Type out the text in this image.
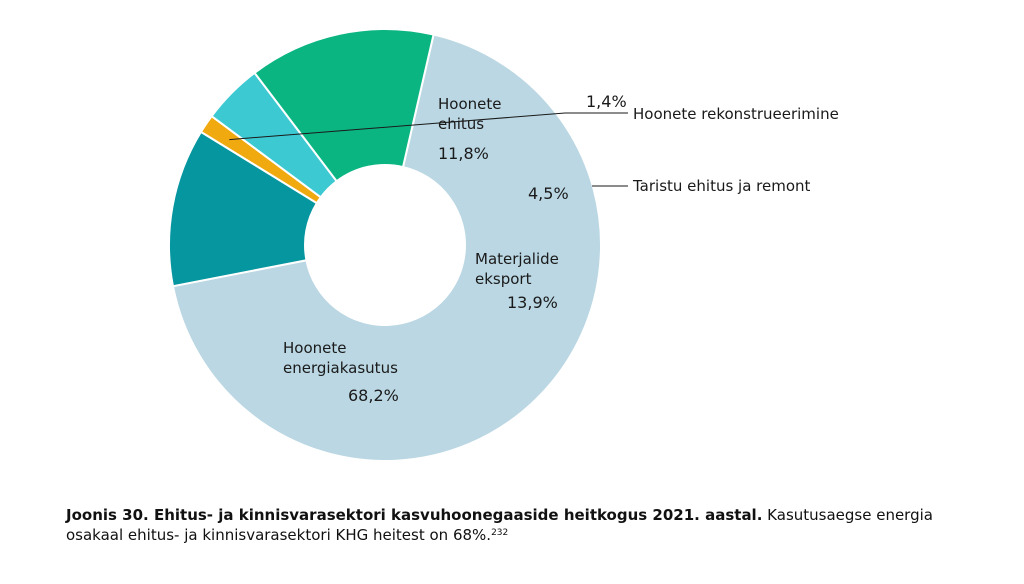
Hoonete
energiakasutus
68,2%
Hoonete
ehitus
11,8%
1,4%
Hoonete rekonstrueerimine
4,5%	Taristu ehitus ja remont
Materjalide
eksport
13,9%
Joonis 30. Ehitus- ja kinnisvarasektori kasvuhoonegaaside heitkogus 2021. aastal. Kasutusaegse energia osakaal ehitus- ja kinnisvarasektori KHG heitest on 68%.$^{232}$
